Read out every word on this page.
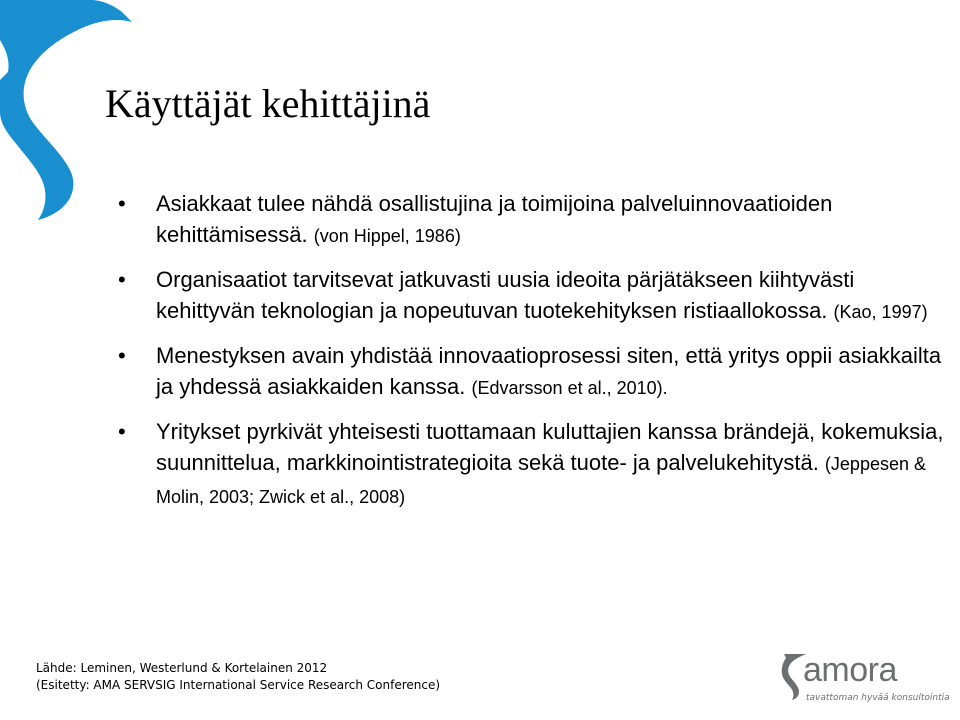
Käyttäjät kehittäjinä
• Asiakkaat tulee nähdä osallistujina ja toimijoina palveluinnovaatioiden kehittämisessä. (von Hippel, 1986)
• Organisaatiot tarvitsevat jatkuvasti uusia ideoita pärjätäkseen kiihtyvästi kehittyvän teknologian ja nopeutuvan tuotekehityksen ristiaallokossa. (Kao, 1997)
• Menestyksen avain yhdistää innovaatioprosessi siten, että yritys oppii asiakkailta ja yhdessä asiakkaiden kanssa. (Edvarsson et al., 2010).
• Yritykset pyrkivät yhteisesti tuottamaan kuluttajien kanssa brändejä, kokemuksia, suunnittelua, markkinointistrategioita sekä tuote- ja palvelukehitystä. (Jeppesen & Molin, 2003; Zwick et al., 2008)
Lähde: Leminen, Westerlund & Kortelainen 2012
(Esitetty: AMA SERVSIG International Service Research Conference)	amora
tavattoman hyvää konsultointia
